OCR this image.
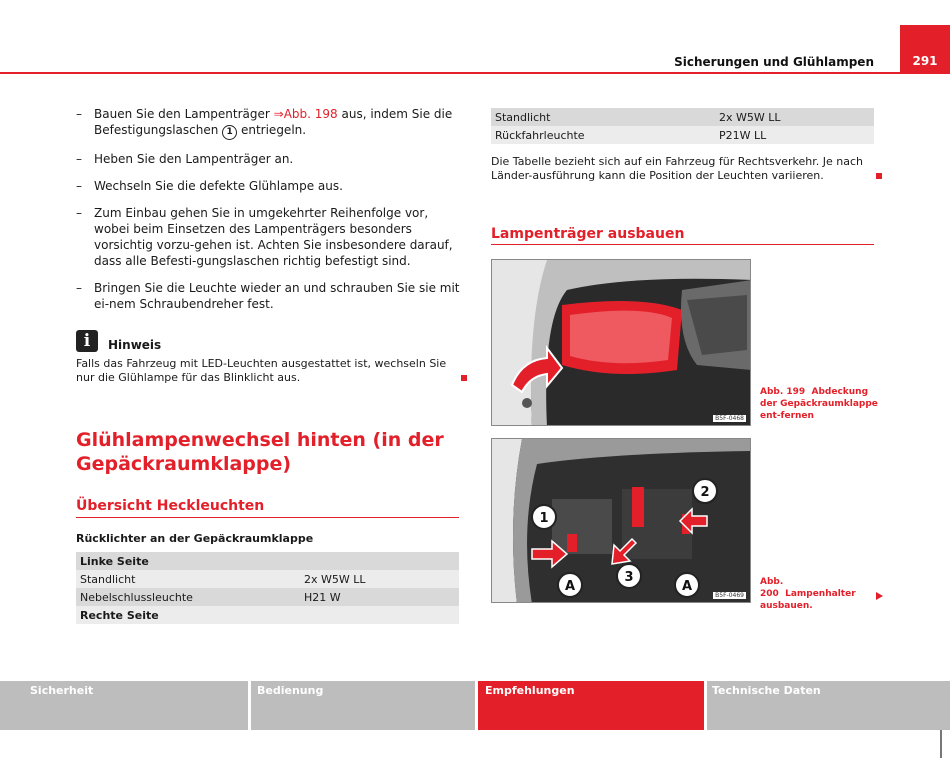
Sicherungen und Glühlampen	291
– Bauen Sie den Lampenträger ⇒Abb. 198 aus, indem Sie die Befestigungslaschen 1 entriegeln.
– Heben Sie den Lampenträger an.
– Wechseln Sie die defekte Glühlampe aus.
– Zum Einbau gehen Sie in umgekehrter Reihenfolge vor, wobei beim Einsetzen des Lampenträgers besonders vorsichtig vorzu-gehen ist. Achten Sie insbesondere darauf, dass alle Befesti-gungslaschen richtig befestigt sind.
– Bringen Sie die Leuchte wieder an und schrauben Sie sie mit ei-nem Schraubendreher fest.
i	Hinweis
Falls das Fahrzeug mit LED-Leuchten ausgestattet ist, wechseln Sie nur die Glühlampe für das Blinklicht aus.
Glühlampenwechsel hinten (in der Gepäckraumklappe)
Übersicht Heckleuchten
Rücklichter an der Gepäckraumklappe
Linke Seite	
Standlicht	2x W5W LL
Nebelschlussleuchte	H21 W
Rechte Seite	
Standlicht	2x W5W LL
Rückfahrleuchte	P21W LL
Die Tabelle bezieht sich auf ein Fahrzeug für Rechtsverkehr. Je nach Länder-ausführung kann die Position der Leuchten variieren.
Lampenträger ausbauen
B5F-0468
Abb. 199 Abdeckung der Gepäckraumklappe ent-fernen
1
2
3
A	A
B5F-0469
Abb. 200 Lampenhalter ausbauen.
Sicherheit	Bedienung	Empfehlungen	Technische Daten
